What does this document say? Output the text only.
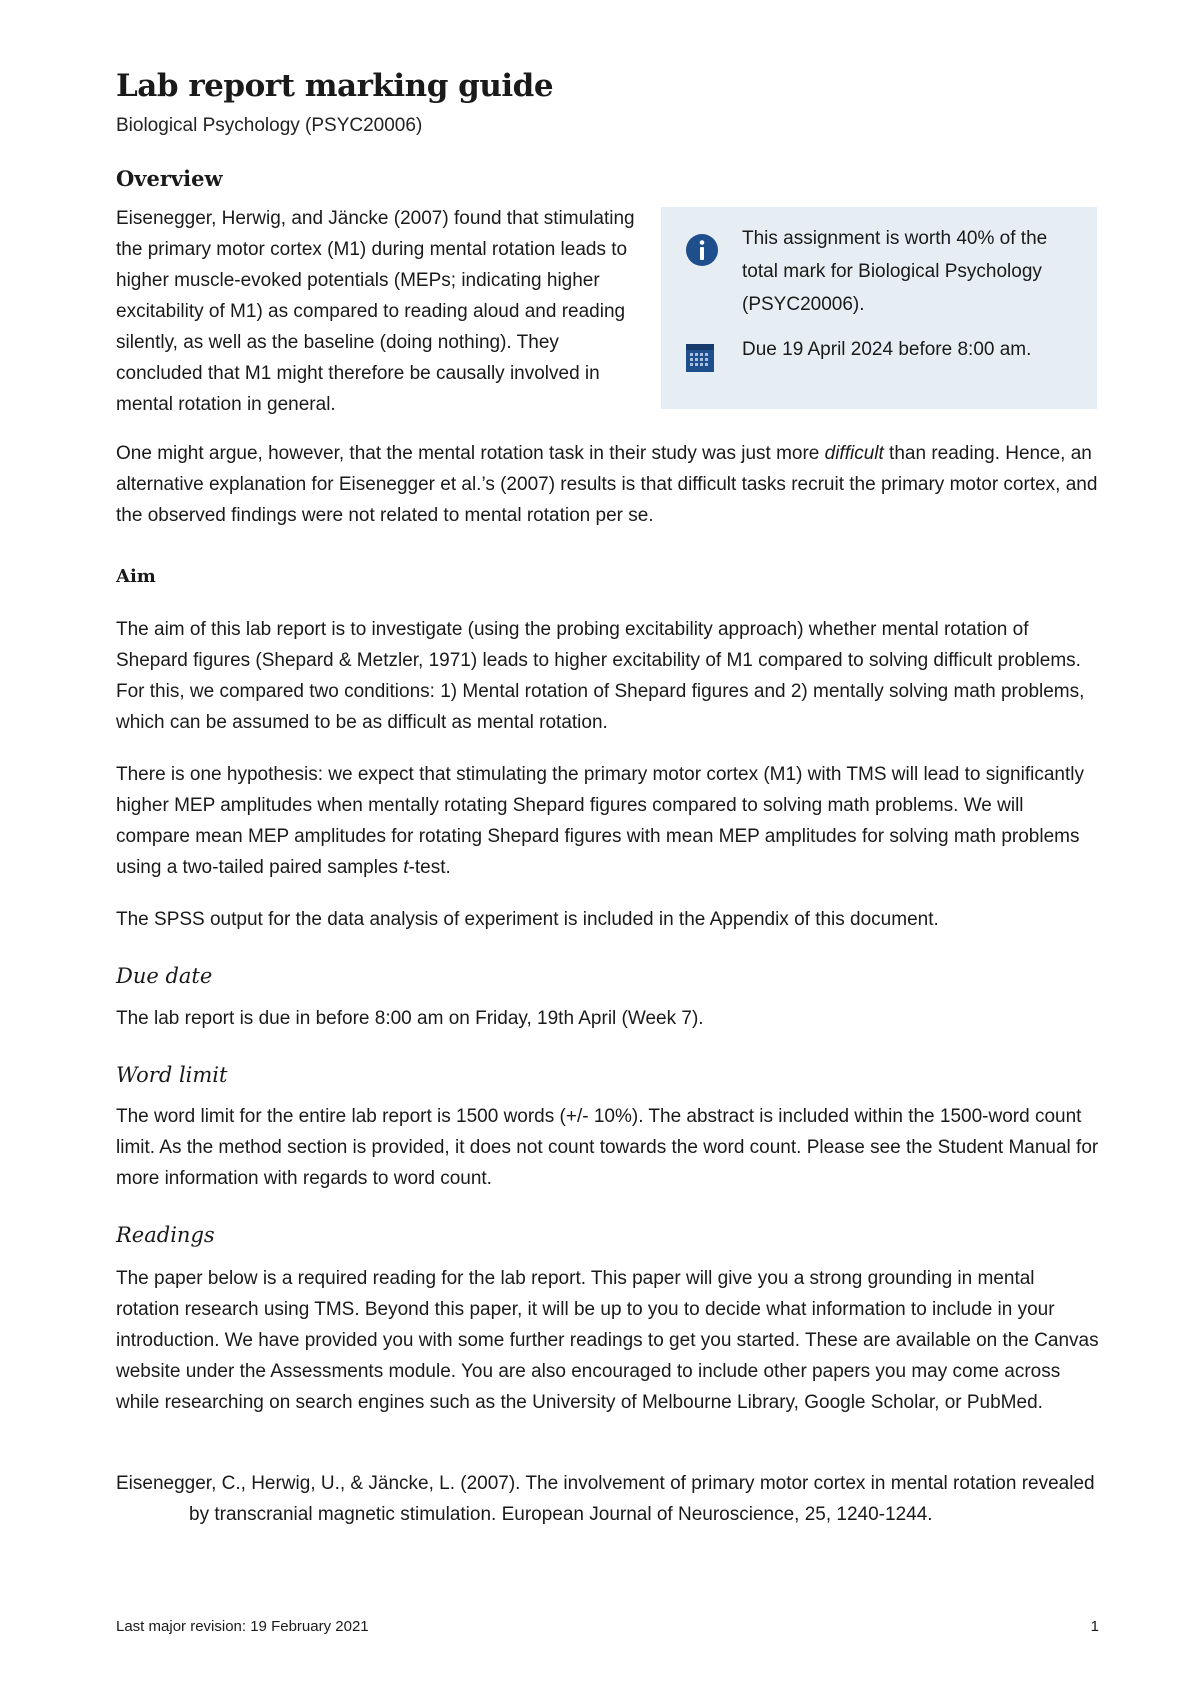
Lab report marking guide
Biological Psychology (PSYC20006)
Overview

Eisenegger, Herwig, and Jäncke (2007) found that stimulating the primary motor cortex (M1) during mental rotation leads to higher muscle-evoked potentials (MEPs; indicating higher excitability of M1) as compared to reading aloud and reading silently, as well as the baseline (doing nothing). They concluded that M1 might therefore be causally involved in mental rotation in general.

This assignment is worth 40% of the total mark for Biological Psychology (PSYC20006).
Due 19 April 2024 before 8:00 am.

One might argue, however, that the mental rotation task in their study was just more difficult than reading. Hence, an alternative explanation for Eisenegger et al.’s (2007) results is that difficult tasks recruit the primary motor cortex, and the observed findings were not related to mental rotation per se.

Aim

The aim of this lab report is to investigate (using the probing excitability approach) whether mental rotation of Shepard figures (Shepard & Metzler, 1971) leads to higher excitability of M1 compared to solving difficult problems. For this, we compared two conditions: 1) Mental rotation of Shepard figures and 2) mentally solving math problems, which can be assumed to be as difficult as mental rotation.

There is one hypothesis: we expect that stimulating the primary motor cortex (M1) with TMS will lead to significantly higher MEP amplitudes when mentally rotating Shepard figures compared to solving math problems. We will compare mean MEP amplitudes for rotating Shepard figures with mean MEP amplitudes for solving math problems using a two-tailed paired samples t-test.

The SPSS output for the data analysis of experiment is included in the Appendix of this document.

Due date

The lab report is due in before 8:00 am on Friday, 19th April (Week 7).

Word limit

The word limit for the entire lab report is 1500 words (+/- 10%). The abstract is included within the 1500-word count limit. As the method section is provided, it does not count towards the word count. Please see the Student Manual for more information with regards to word count.

Readings

The paper below is a required reading for the lab report. This paper will give you a strong grounding in mental rotation research using TMS. Beyond this paper, it will be up to you to decide what information to include in your introduction. We have provided you with some further readings to get you started. These are available on the Canvas website under the Assessments module. You are also encouraged to include other papers you may come across while researching on search engines such as the University of Melbourne Library, Google Scholar, or PubMed.

Eisenegger, C., Herwig, U., & Jäncke, L. (2007). The involvement of primary motor cortex in mental rotation revealed by transcranial magnetic stimulation. European Journal of Neuroscience, 25, 1240-1244.

Last major revision: 19 February 2021	1
